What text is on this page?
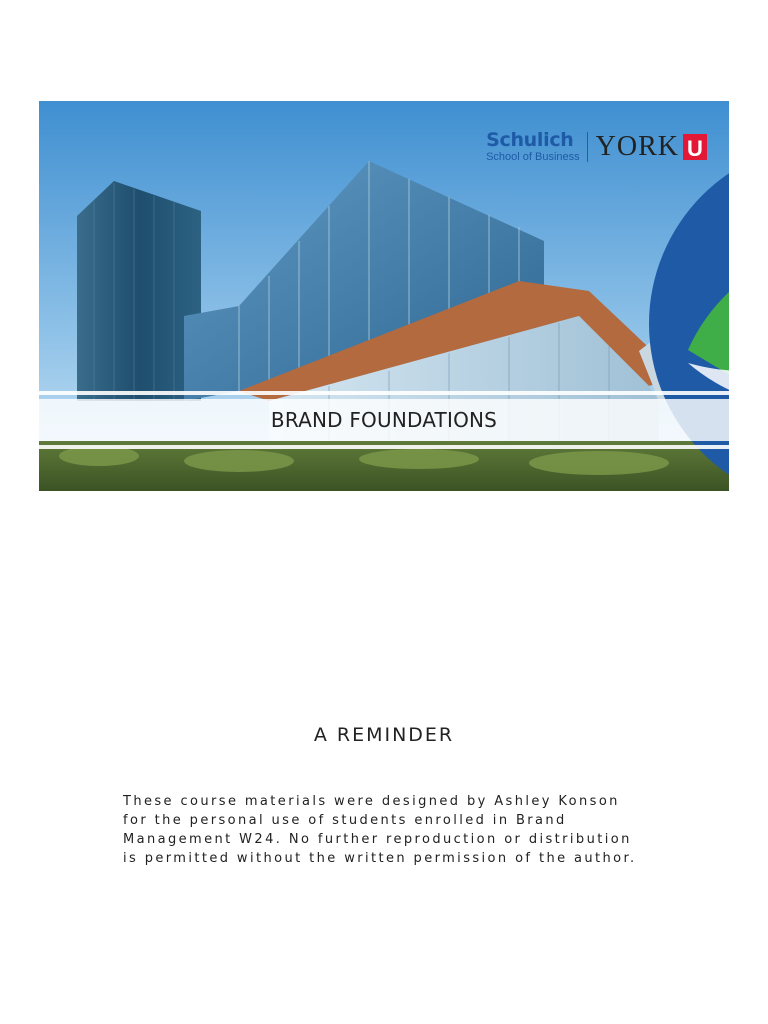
Schulich
School of Business YORK U
BRAND FOUNDATIONS
A REMINDER
These course materials were designed by Ashley Konson for the personal use of students enrolled in Brand Management W24. No further reproduction or distribution is permitted without the written permission of the author.
